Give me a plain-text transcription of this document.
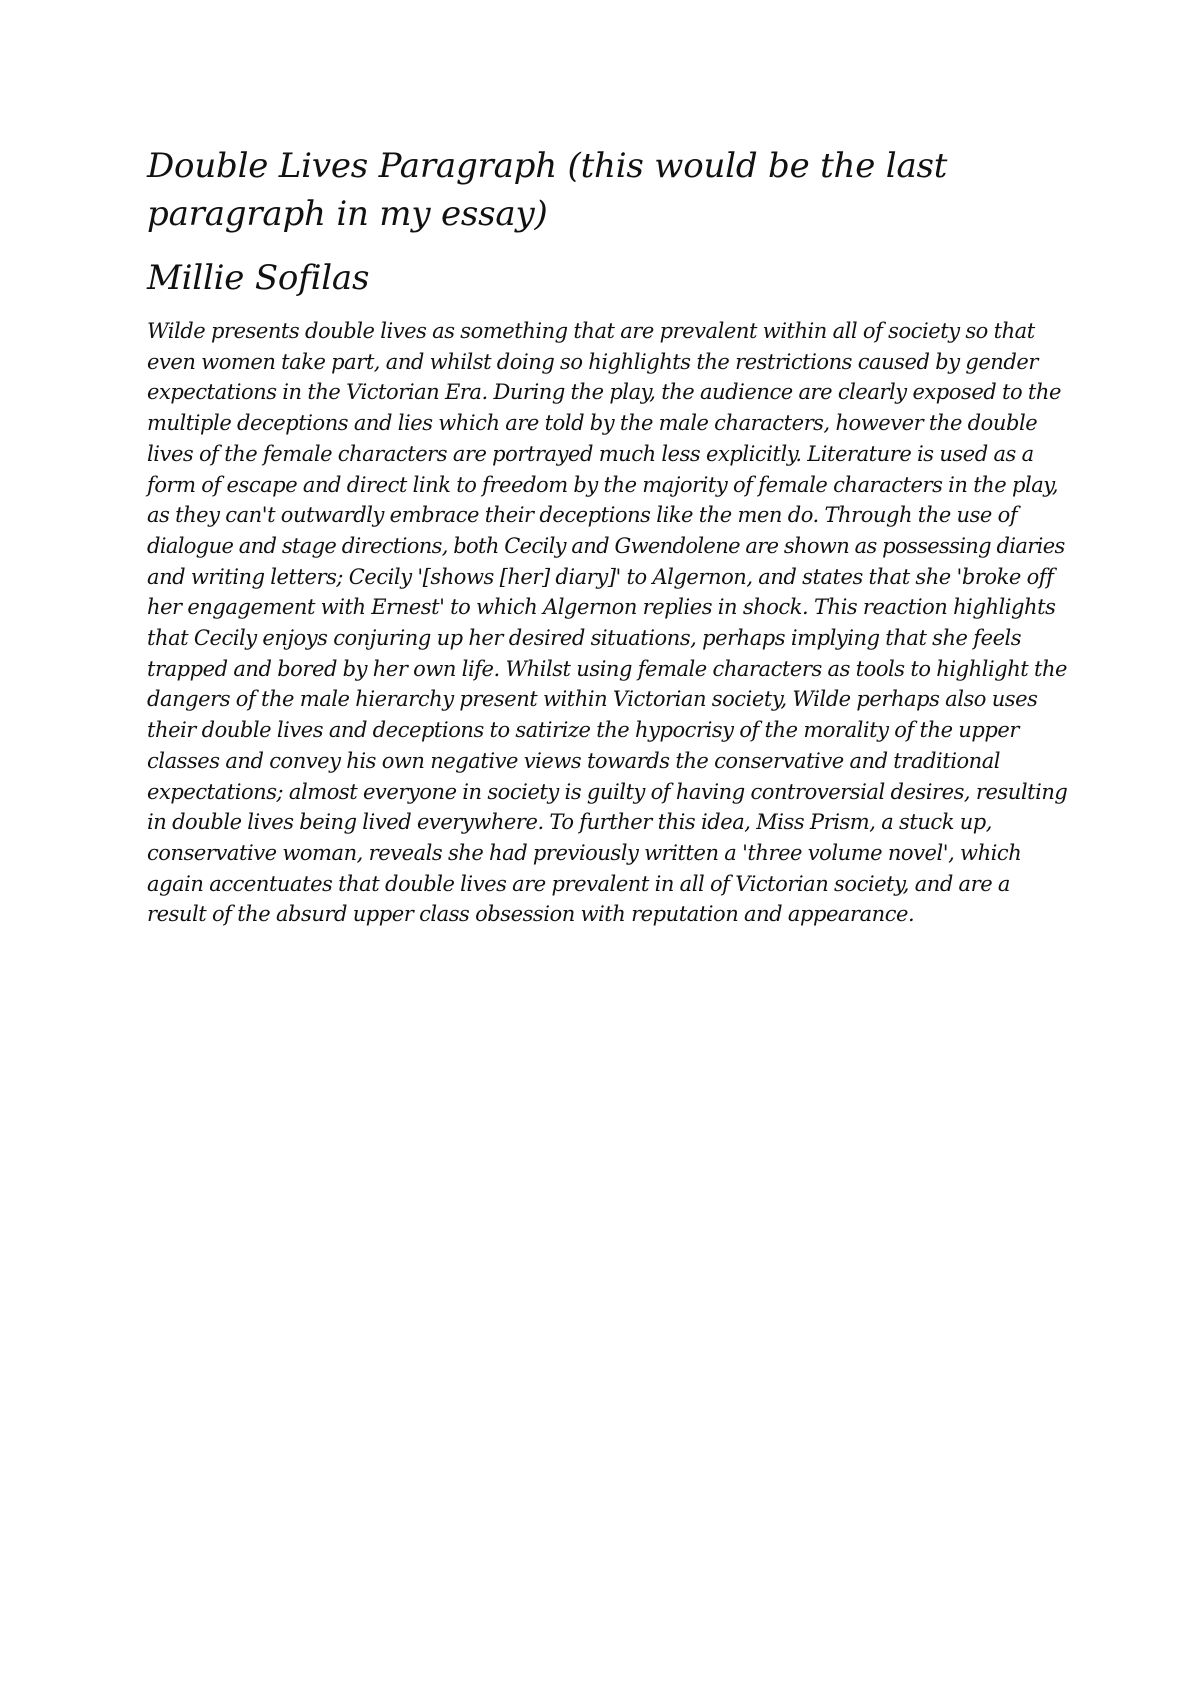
Double Lives Paragraph (this would be the last paragraph in my essay)
Millie Sofilas

Wilde presents double lives as something that are prevalent within all of society so that
even women take part, and whilst doing so highlights the restrictions caused by gender
expectations in the Victorian Era. During the play, the audience are clearly exposed to the
multiple deceptions and lies which are told by the male characters, however the double
lives of the female characters are portrayed much less explicitly. Literature is used as a
form of escape and direct link to freedom by the majority of female characters in the play,
as they can't outwardly embrace their deceptions like the men do. Through the use of
dialogue and stage directions, both Cecily and Gwendolene are shown as possessing diaries
and writing letters; Cecily '[shows [her] diary]' to Algernon, and states that she 'broke off
her engagement with Ernest' to which Algernon replies in shock. This reaction highlights
that Cecily enjoys conjuring up her desired situations, perhaps implying that she feels
trapped and bored by her own life. Whilst using female characters as tools to highlight the
dangers of the male hierarchy present within Victorian society, Wilde perhaps also uses
their double lives and deceptions to satirize the hypocrisy of the morality of the upper
classes and convey his own negative views towards the conservative and traditional
expectations; almost everyone in society is guilty of having controversial desires, resulting
in double lives being lived everywhere. To further this idea, Miss Prism, a stuck up,
conservative woman, reveals she had previously written a 'three volume novel', which
again accentuates that double lives are prevalent in all of Victorian society, and are a
result of the absurd upper class obsession with reputation and appearance.
